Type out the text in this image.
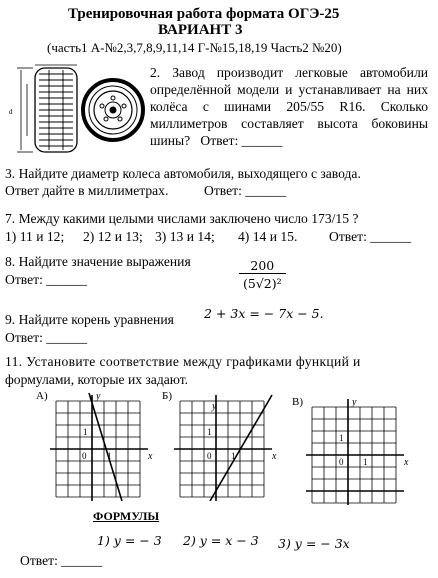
Тренировочная работа формата ОГЭ-25
ВАРИАНТ 3
(часть1 А-№2,3,7,8,9,11,14 Г-№15,18,19 Часть2 №20)
d
2. Завод производит легковые автомобили определённой модели и устанавливает на них колёса с шинами 205/55 R16. Сколько миллиметров составляет высота боковины шины? Ответ: ______
3. Найдите диаметр колеса автомобиля, выходящего с завода.
Ответ дайте в миллиметрах.	Ответ: ______
7. Между какими целыми числами заключено число 173/15 ?
1) 11 и 12; 2) 12 и 13; 3) 13 и 14; 4) 14 и 15. Ответ: ______
8. Найдите значение выражения
Ответ: ______	$\frac{200}{\text{(5√2)²}}$
9. Найдите корень уравнения 2 + 3x = − 7x − 5.
Ответ: ______
11. Установите соответствие между графиками функций и
формулами, которые их задают.
А)	y
x
0 1
1
Б)
y
x
0 1
1
В)	y
x
0 1
1
ФОРМУЛЫ
1) y = − 3 2) y = x − 3 3) y = − 3x
Ответ: ______
